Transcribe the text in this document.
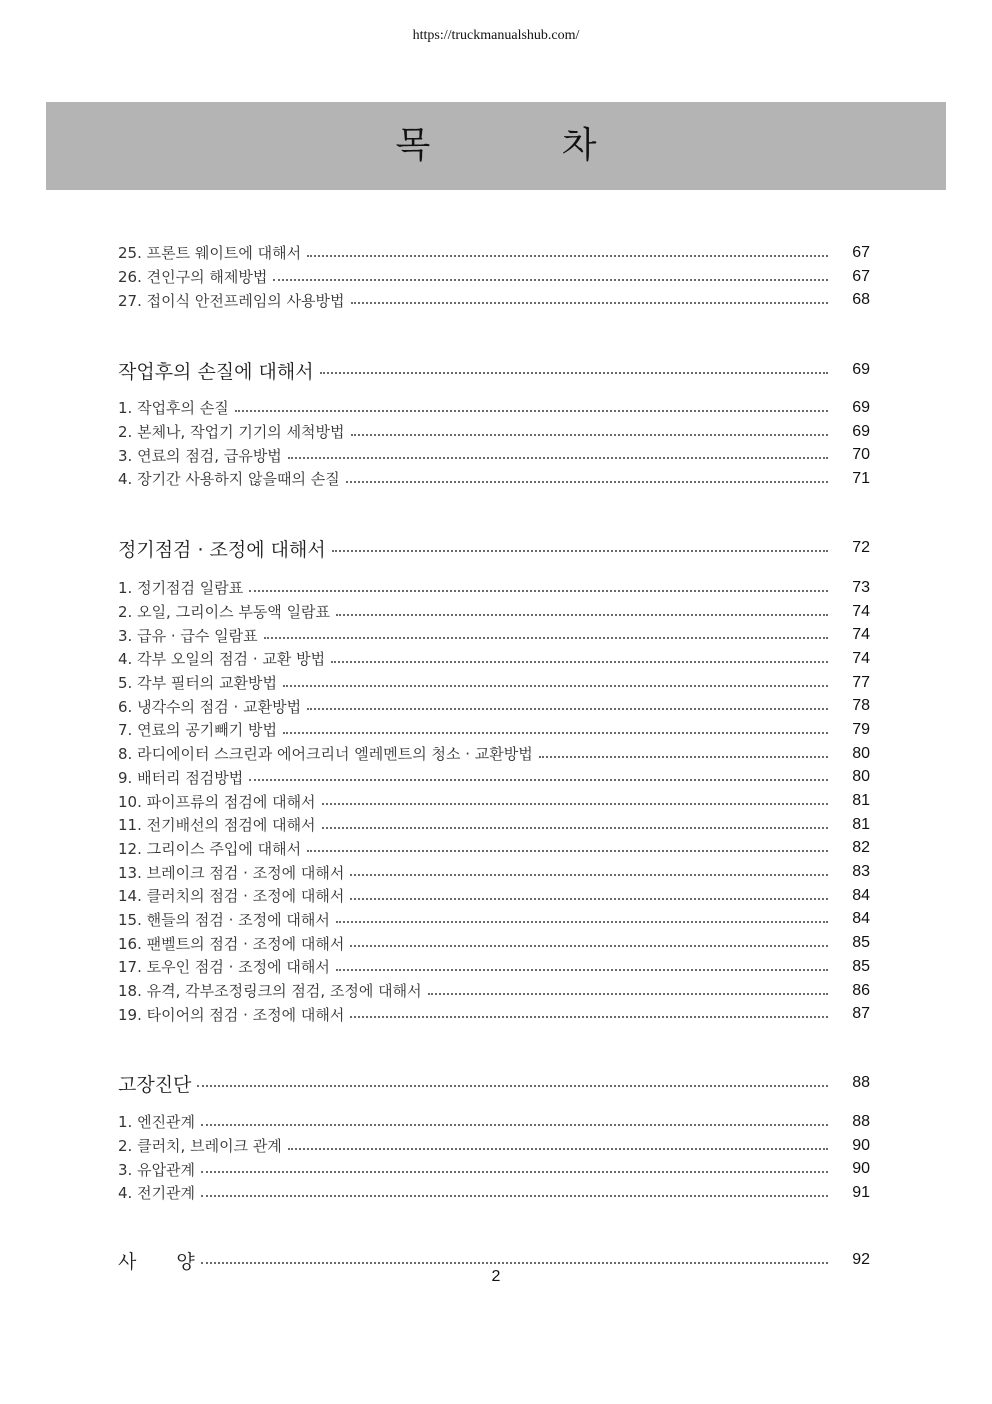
https://truckmanualshub.com/
목 차
25. 프론트 웨이트에 대해서	67
26. 견인구의 해제방법	67
27. 접이식 안전프레임의 사용방법	68
작업후의 손질에 대해서	69
1. 작업후의 손질	69
2. 본체나, 작업기 기기의 세척방법	69
3. 연료의 점검, 급유방법	70
4. 장기간 사용하지 않을때의 손질	71
정기점검 · 조정에 대해서	72
1. 정기점검 일람표	73
2. 오일, 그리이스 부동액 일람표	74
3. 급유 · 급수 일람표	74
4. 각부 오일의 점검 · 교환 방법	74
5. 각부 필터의 교환방법	77
6. 냉각수의 점검 · 교환방법	78
7. 연료의 공기빼기 방법	79
8. 라디에이터 스크린과 에어크리너 엘레멘트의 청소 · 교환방법	80
9. 배터리 점검방법	80
10. 파이프류의 점검에 대해서	81
11. 전기배선의 점검에 대해서	81
12. 그리이스 주입에 대해서	82
13. 브레이크 점검 · 조정에 대해서	83
14. 클러치의 점검 · 조정에 대해서	84
15. 핸들의 점검 · 조정에 대해서	84
16. 팬벨트의 점검 · 조정에 대해서	85
17. 토우인 점검 · 조정에 대해서	85
18. 유격, 각부조정링크의 점검, 조정에 대해서	86
19. 타이어의 점검 · 조정에 대해서	87
고장진단	88
1. 엔진관계	88
2. 클러치, 브레이크 관계	90
3. 유압관계	90
4. 전기관계	91
사 양	92
2
